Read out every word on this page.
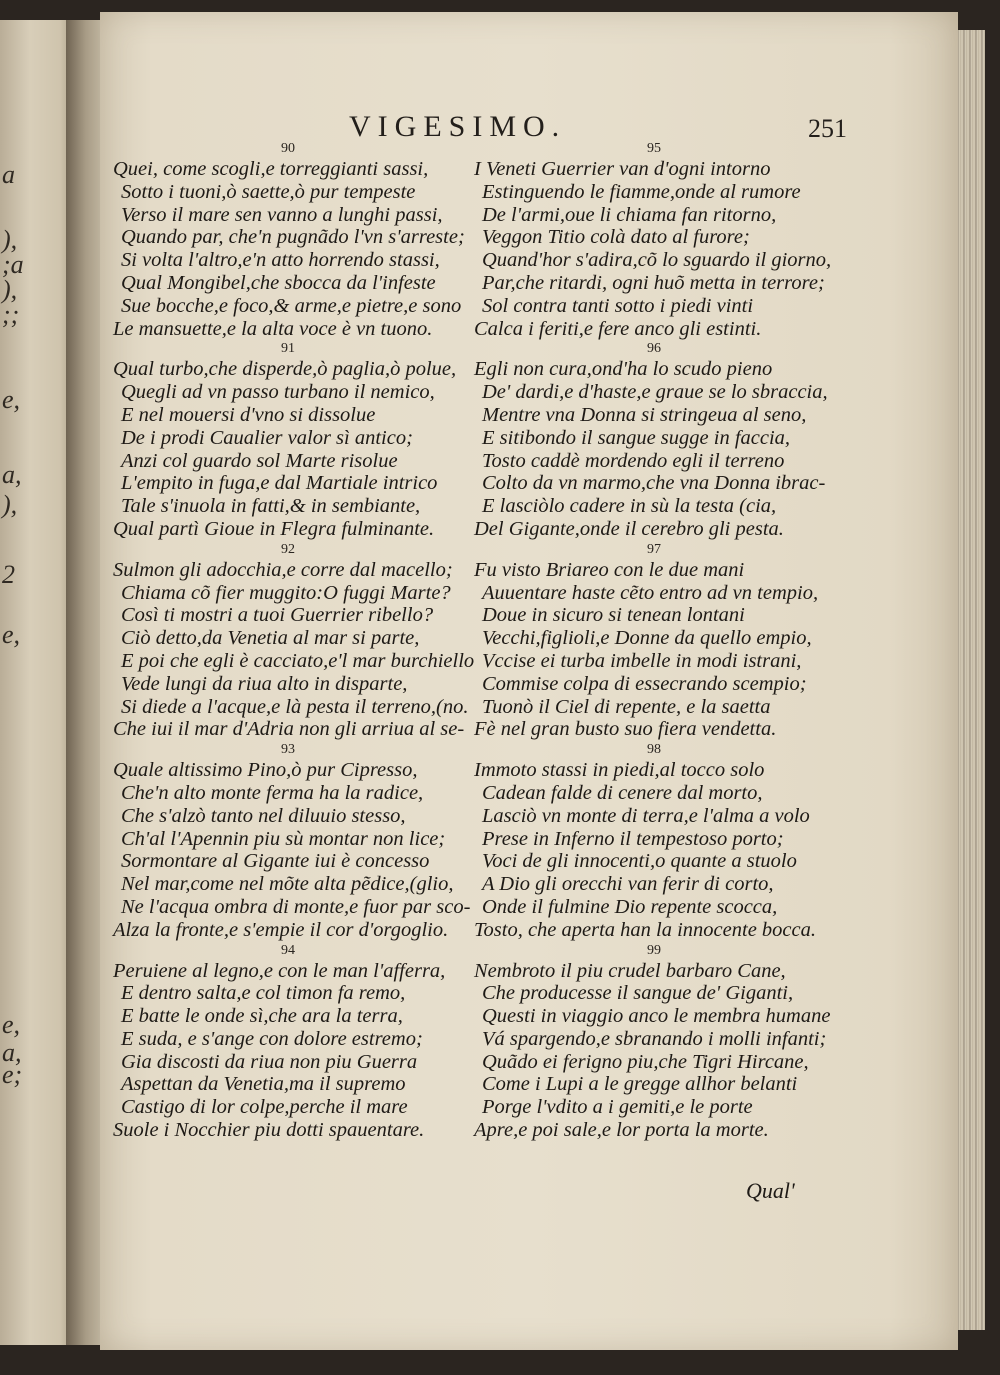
a
),
;a
),
;;
e,
a,
),
2
e,
e,
a,
e;
VIGESIMO.	251
90
Quei, come scogli,e torreggianti sassi,
Sotto i tuoni,ò saette,ò pur tempeste
Verso il mare sen vanno a lunghi passi,
Quando par, che'n pugnãdo l'vn s'arreste;
Si volta l'altro,e'n atto horrendo stassi,
Qual Mongibel,che sbocca da l'infeste
Sue bocche,e foco,& arme,e pietre,e sono
Le mansuette,e la alta voce è vn tuono.
91
Qual turbo,che disperde,ò paglia,ò polue,
Quegli ad vn passo turbano il nemico,
E nel mouersi d'vno si dissolue
De i prodi Caualier valor sì antico;
Anzi col guardo sol Marte risolue
L'empito in fuga,e dal Martiale intrico
Tale s'inuola in fatti,& in sembiante,
Qual partì Gioue in Flegra fulminante.
92
Sulmon gli adocchia,e corre dal macello;
Chiama cõ fier muggito:O fuggi Marte?
Così ti mostri a tuoi Guerrier ribello?
Ciò detto,da Venetia al mar si parte,
E poi che egli è cacciato,e'l mar burchiello
Vede lungi da riua alto in disparte,
Si diede a l'acque,e là pesta il terreno,(no.
Che iui il mar d'Adria non gli arriua al se-
93
Quale altissimo Pino,ò pur Cipresso,
Che'n alto monte ferma ha la radice,
Che s'alzò tanto nel diluuio stesso,
Ch'al l'Apennin piu sù montar non lice;
Sormontare al Gigante iui è concesso
Nel mar,come nel mõte alta pẽdice,(glio,
Ne l'acqua ombra di monte,e fuor par sco-
Alza la fronte,e s'empie il cor d'orgoglio.
94
Peruiene al legno,e con le man l'afferra,
E dentro salta,e col timon fa remo,
E batte le onde sì,che ara la terra,
E suda, e s'ange con dolore estremo;
Gia discosti da riua non piu Guerra
Aspettan da Venetia,ma il supremo
Castigo di lor colpe,perche il mare
Suole i Nocchier piu dotti spauentare.
95
I Veneti Guerrier van d'ogni intorno
Estinguendo le fiamme,onde al rumore
De l'armi,oue li chiama fan ritorno,
Veggon Titio colà dato al furore;
Quand'hor s'adira,cõ lo sguardo il giorno,
Par,che ritardi, ogni huõ metta in terrore;
Sol contra tanti sotto i piedi vinti
Calca i feriti,e fere anco gli estinti.
96
Egli non cura,ond'ha lo scudo pieno
De' dardi,e d'haste,e graue se lo sbraccia,
Mentre vna Donna si stringeua al seno,
E sitibondo il sangue sugge in faccia,
Tosto caddè mordendo egli il terreno
Colto da vn marmo,che vna Donna ibrac-
E lasciòlo cadere in sù la testa (cia,
Del Gigante,onde il cerebro gli pesta.
97
Fu visto Briareo con le due mani
Auuentare haste cẽto entro ad vn tempio,
Doue in sicuro si tenean lontani
Vecchi,figlioli,e Donne da quello empio,
Vccise ei turba imbelle in modi istrani,
Commise colpa di essecrando scempio;
Tuonò il Ciel di repente, e la saetta
Fè nel gran busto suo fiera vendetta.
98
Immoto stassi in piedi,al tocco solo
Cadean falde di cenere dal morto,
Lasciò vn monte di terra,e l'alma a volo
Prese in Inferno il tempestoso porto;
Voci de gli innocenti,o quante a stuolo
A Dio gli orecchi van ferir di corto,
Onde il fulmine Dio repente scocca,
Tosto, che aperta han la innocente bocca.
99
Nembroto il piu crudel barbaro Cane,
Che producesse il sangue de' Giganti,
Questi in viaggio anco le membra humane
Vá spargendo,e sbranando i molli infanti;
Quãdo ei ferigno piu,che Tigri Hircane,
Come i Lupi a le gregge allhor belanti
Porge l'vdito a i gemiti,e le porte
Apre,e poi sale,e lor porta la morte.
Qual'
